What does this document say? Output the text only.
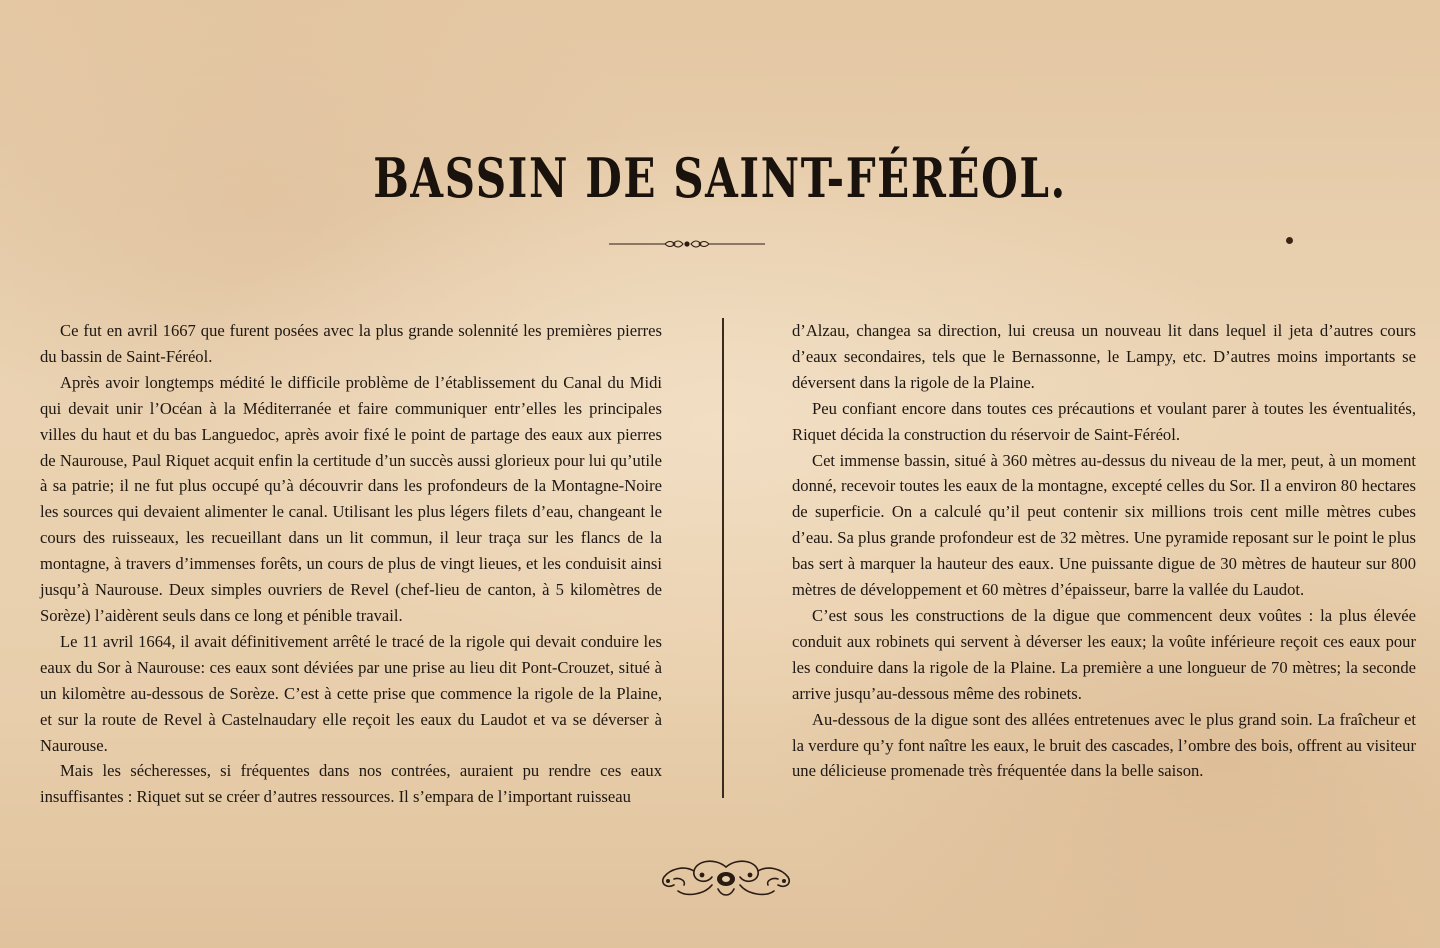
BASSIN DE SAINT-FÉRÉOL.

Ce fut en avril 1667 que furent posées avec la plus grande solennité les premières pierres du bassin de Saint-Féréol.

Après avoir longtemps médité le difficile problème de l’établissement du Canal du Midi qui devait unir l’Océan à la Méditerranée et faire communiquer entr’elles les principales villes du haut et du bas Languedoc, après avoir fixé le point de partage des eaux aux pierres de Naurouse, Paul Riquet acquit enfin la certitude d’un succès aussi glorieux pour lui qu’utile à sa patrie; il ne fut plus occupé qu’à découvrir dans les profondeurs de la Montagne-Noire les sources qui devaient alimenter le canal. Utilisant les plus légers filets d’eau, changeant le cours des ruisseaux, les recueillant dans un lit commun, il leur traça sur les flancs de la montagne, à travers d’immenses forêts, un cours de plus de vingt lieues, et les conduisit ainsi jusqu’à Naurouse. Deux simples ouvriers de Revel (chef-lieu de canton, à 5 kilomètres de Sorèze) l’aidèrent seuls dans ce long et pénible travail.

Le 11 avril 1664, il avait définitivement arrêté le tracé de la rigole qui devait conduire les eaux du Sor à Naurouse: ces eaux sont déviées par une prise au lieu dit Pont-Crouzet, situé à un kilomètre au-dessous de Sorèze. C’est à cette prise que commence la rigole de la Plaine, et sur la route de Revel à Castelnaudary elle reçoit les eaux du Laudot et va se déverser à Naurouse.

Mais les sécheresses, si fréquentes dans nos contrées, auraient pu rendre ces eaux insuffisantes : Riquet sut se créer d’autres ressources. Il s’empara de l’important ruisseau

d’Alzau, changea sa direction, lui creusa un nouveau lit dans lequel il jeta d’autres cours d’eaux secondaires, tels que le Bernassonne, le Lampy, etc. D’autres moins importants se déversent dans la rigole de la Plaine.

Peu confiant encore dans toutes ces précautions et voulant parer à toutes les éventualités, Riquet décida la construction du réservoir de Saint-Féréol.

Cet immense bassin, situé à 360 mètres au-dessus du niveau de la mer, peut, à un moment donné, recevoir toutes les eaux de la montagne, excepté celles du Sor. Il a environ 80 hectares de superficie. On a calculé qu’il peut contenir six millions trois cent mille mètres cubes d’eau. Sa plus grande profondeur est de 32 mètres. Une pyramide reposant sur le point le plus bas sert à marquer la hauteur des eaux. Une puissante digue de 30 mètres de hauteur sur 800 mètres de développement et 60 mètres d’épaisseur, barre la vallée du Laudot.

C’est sous les constructions de la digue que commencent deux voûtes : la plus élevée conduit aux robinets qui servent à déverser les eaux; la voûte inférieure reçoit ces eaux pour les conduire dans la rigole de la Plaine. La première a une longueur de 70 mètres; la seconde arrive jusqu’au-dessous même des robinets.

Au-dessous de la digue sont des allées entretenues avec le plus grand soin. La fraîcheur et la verdure qu’y font naître les eaux, le bruit des cascades, l’ombre des bois, offrent au visiteur une délicieuse promenade très fréquentée dans la belle saison.
